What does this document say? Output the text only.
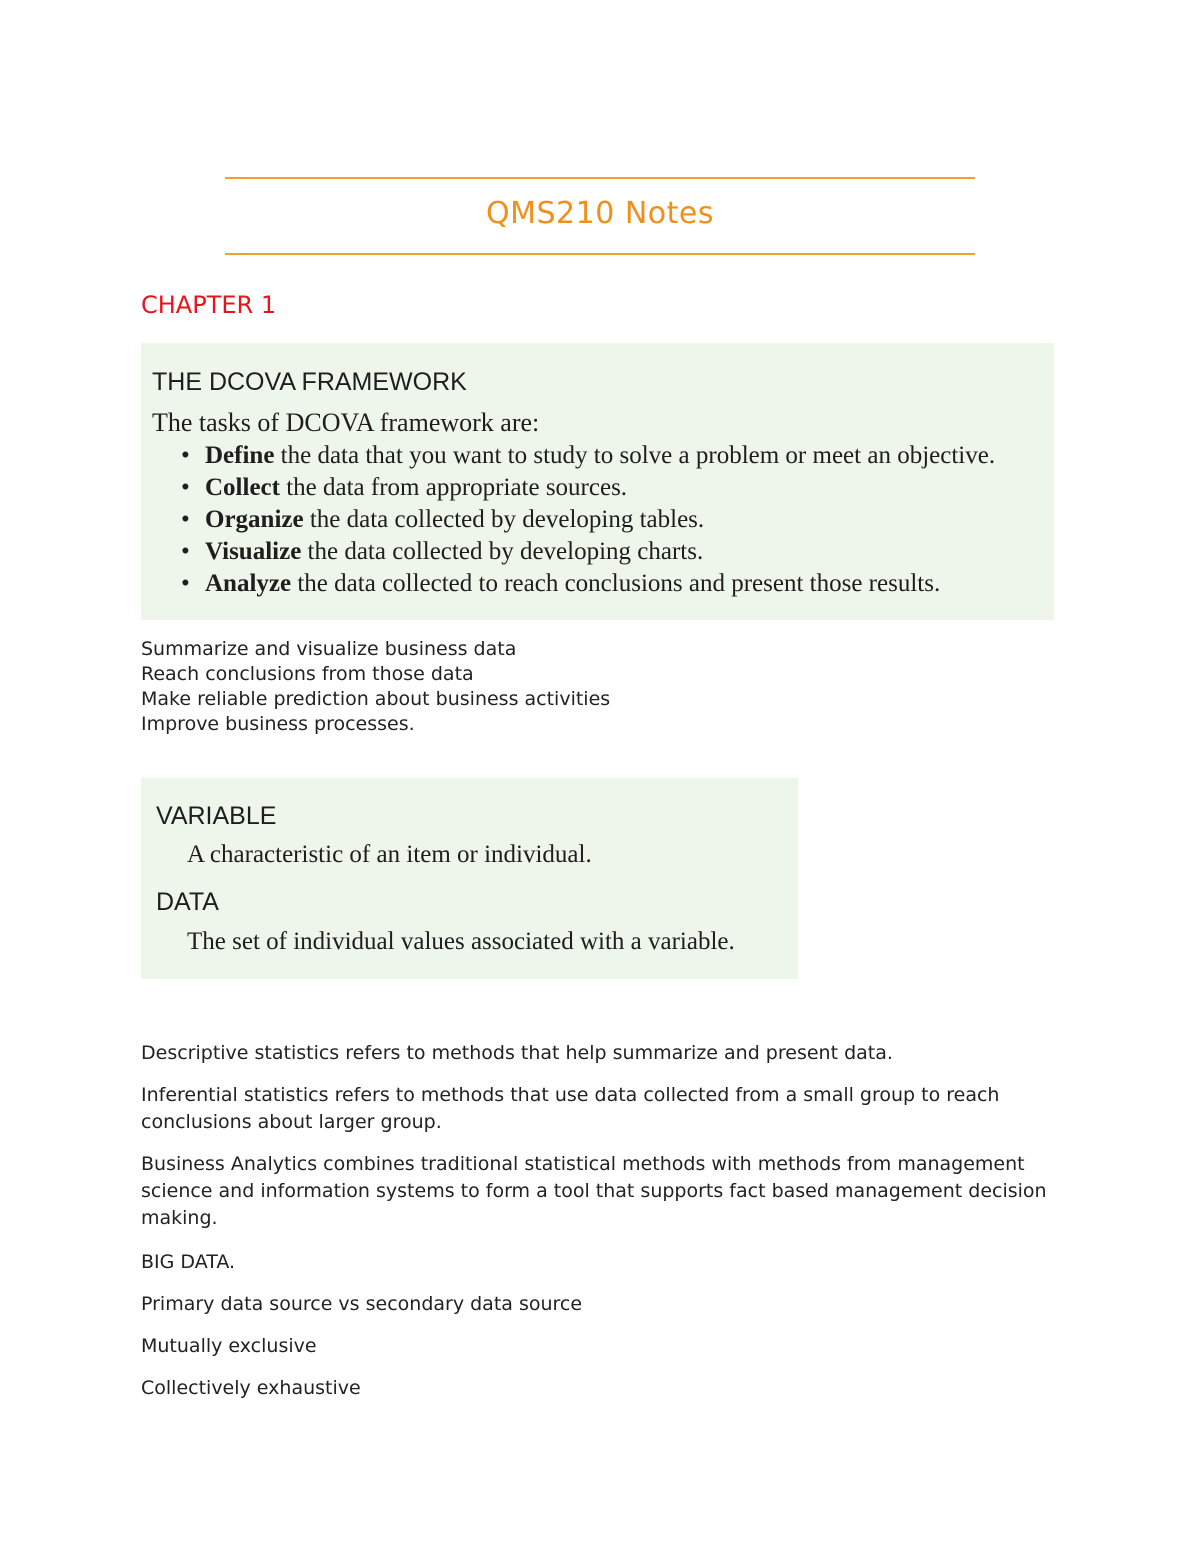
QMS210 Notes
CHAPTER 1
THE DCOVA FRAMEWORK
The tasks of DCOVA framework are:
• Define the data that you want to study to solve a problem or meet an objective.
• Collect the data from appropriate sources.
• Organize the data collected by developing tables.
• Visualize the data collected by developing charts.
• Analyze the data collected to reach conclusions and present those results.
Summarize and visualize business data
Reach conclusions from those data
Make reliable prediction about business activities
Improve business processes.
VARIABLE
A characteristic of an item or individual.
DATA
The set of individual values associated with a variable.

Descriptive statistics refers to methods that help summarize and present data.

Inferential statistics refers to methods that use data collected from a small group to reach conclusions about larger group.

Business Analytics combines traditional statistical methods with methods from management science and information systems to form a tool that supports fact based management decision making.

BIG DATA.

Primary data source vs secondary data source

Mutually exclusive

Collectively exhaustive
